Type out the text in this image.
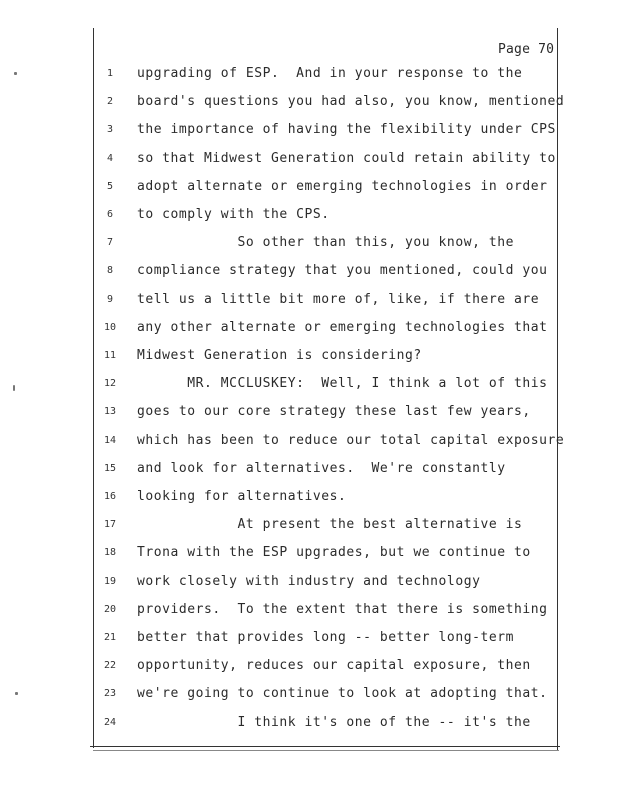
Page 70
1	upgrading of ESP.  And in your response to the
2	board's questions you had also, you know, mentioned
3	the importance of having the flexibility under CPS
4	so that Midwest Generation could retain ability to
5	adopt alternate or emerging technologies in order
6	to comply with the CPS.
7	So other than this, you know, the
8	compliance strategy that you mentioned, could you
9	tell us a little bit more of, like, if there are
10	any other alternate or emerging technologies that
11	Midwest Generation is considering?
12	MR. MCCLUSKEY:  Well, I think a lot of this
13	goes to our core strategy these last few years,
14	which has been to reduce our total capital exposure
15	and look for alternatives.  We're constantly
16	looking for alternatives.
17	At present the best alternative is
18	Trona with the ESP upgrades, but we continue to
19	work closely with industry and technology
20	providers.  To the extent that there is something
21	better that provides long -- better long-term
22	opportunity, reduces our capital exposure, then
23	we're going to continue to look at adopting that.
24	I think it's one of the -- it's the
